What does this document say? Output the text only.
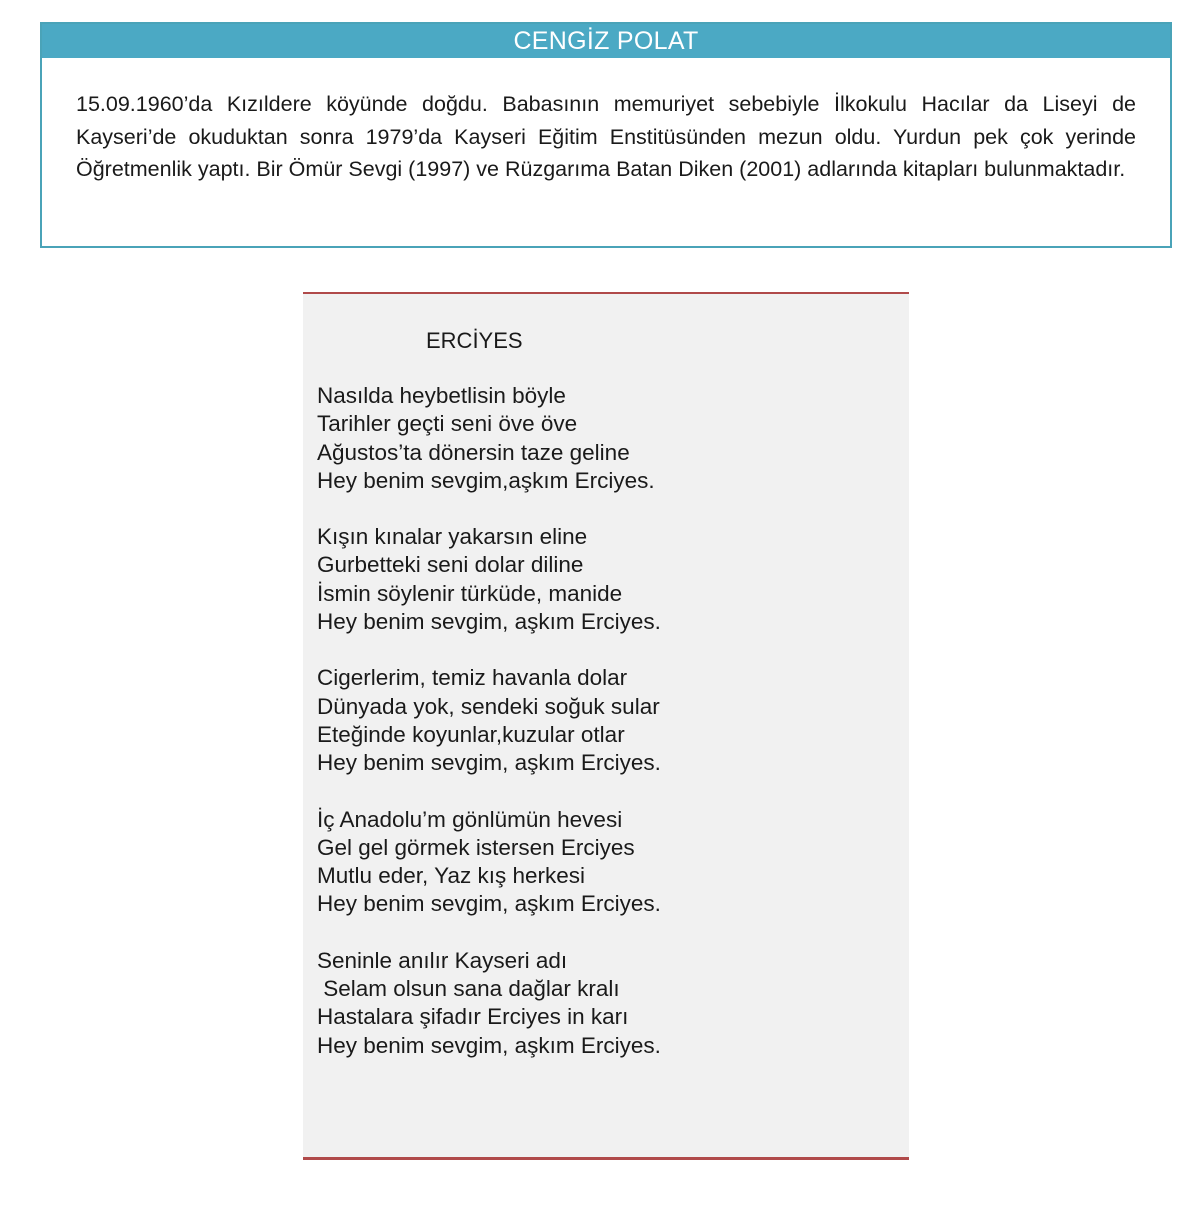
CENGİZ POLAT

15.09.1960’da Kızıldere köyünde doğdu. Babasının memuriyet sebebiyle İlkokulu Hacılar da Liseyi de Kayseri’de okuduktan sonra 1979’da Kayseri Eğitim Enstitüsünden mezun oldu. Yurdun pek çok yerinde Öğretmenlik yaptı. Bir Ömür Sevgi (1997) ve Rüzgarıma Batan Diken (2001) adlarında kitapları bulunmaktadır.

ERCİYES
Nasılda heybetlisin böyle
Tarihler geçti seni öve öve
Ağustos’ta dönersin taze geline
Hey benim sevgim,aşkım Erciyes.
Kışın kınalar yakarsın eline
Gurbetteki seni dolar diline
İsmin söylenir türküde, manide
Hey benim sevgim, aşkım Erciyes.
Cigerlerim, temiz havanla dolar
Dünyada yok, sendeki soğuk sular
Eteğinde koyunlar,kuzular otlar
Hey benim sevgim, aşkım Erciyes.
İç Anadolu’m gönlümün hevesi
Gel gel görmek istersen Erciyes
Mutlu eder, Yaz kış herkesi
Hey benim sevgim, aşkım Erciyes.
Seninle anılır Kayseri adı
Selam olsun sana dağlar kralı
Hastalara şifadır Erciyes in karı
Hey benim sevgim, aşkım Erciyes.
